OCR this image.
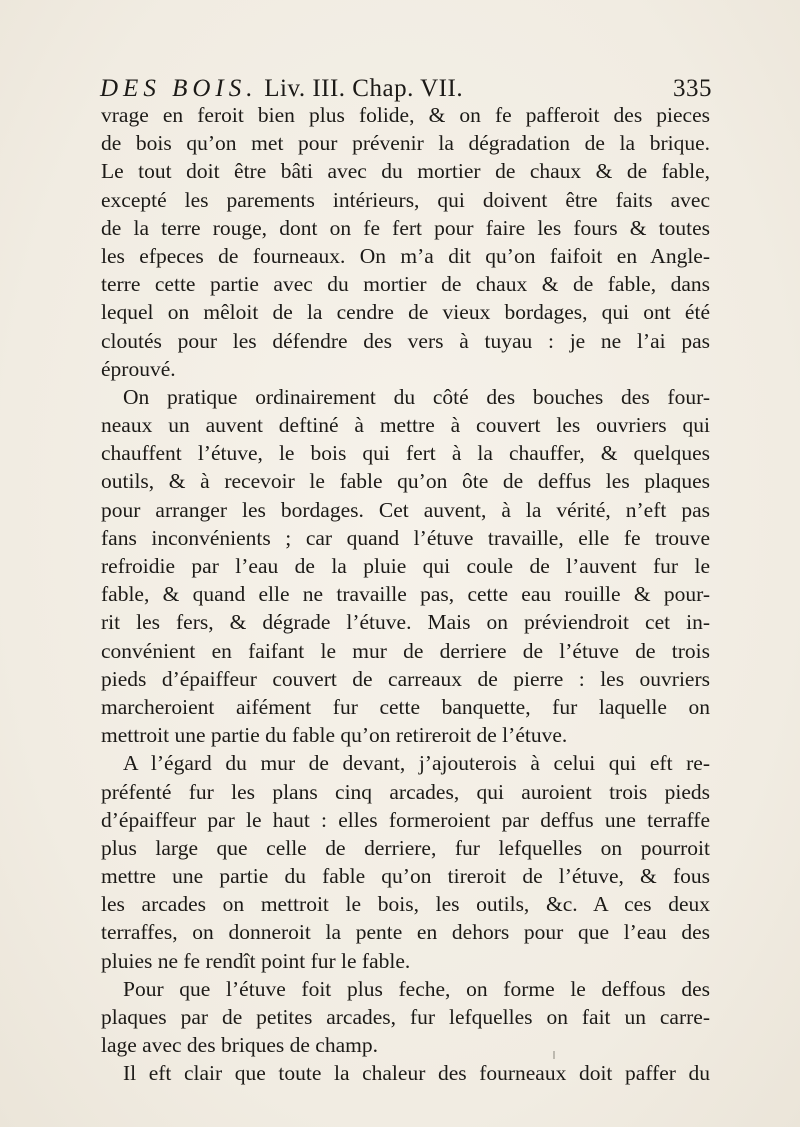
DES BOIS. Liv. III. Chap. VII.	335
vrage en feroit bien plus folide, & on fe pafferoit des pieces
de bois qu’on met pour prévenir la dégradation de la brique.
Le tout doit être bâti avec du mortier de chaux & de fable,
excepté les parements intérieurs, qui doivent être faits avec
de la terre rouge, dont on fe fert pour faire les fours & toutes
les efpeces de fourneaux. On m’a dit qu’on faifoit en Angle-
terre cette partie avec du mortier de chaux & de fable, dans
lequel on mêloit de la cendre de vieux bordages, qui ont été
cloutés pour les défendre des vers à tuyau : je ne l’ai pas
éprouvé.
On pratique ordinairement du côté des bouches des four-
neaux un auvent deftiné à mettre à couvert les ouvriers qui
chauffent l’étuve, le bois qui fert à la chauffer, & quelques
outils, & à recevoir le fable qu’on ôte de deffus les plaques
pour arranger les bordages. Cet auvent, à la vérité, n’eft pas
fans inconvénients ; car quand l’étuve travaille, elle fe trouve
refroidie par l’eau de la pluie qui coule de l’auvent fur le
fable, & quand elle ne travaille pas, cette eau rouille & pour-
rit les fers, & dégrade l’étuve. Mais on préviendroit cet in-
convénient en faifant le mur de derriere de l’étuve de trois
pieds d’épaiffeur couvert de carreaux de pierre : les ouvriers
marcheroient aifément fur cette banquette, fur laquelle on
mettroit une partie du fable qu’on retireroit de l’étuve.
A l’égard du mur de devant, j’ajouterois à celui qui eft re-
préfenté fur les plans cinq arcades, qui auroient trois pieds
d’épaiffeur par le haut : elles formeroient par deffus une terraffe
plus large que celle de derriere, fur lefquelles on pourroit
mettre une partie du fable qu’on tireroit de l’étuve, & fous
les arcades on mettroit le bois, les outils, &c. A ces deux
terraffes, on donneroit la pente en dehors pour que l’eau des
pluies ne fe rendît point fur le fable.
Pour que l’étuve foit plus feche, on forme le deffous des
plaques par de petites arcades, fur lefquelles on fait un carre-
lage avec des briques de champ.
Il eft clair que toute la chaleur des fourneaux doit paffer du
